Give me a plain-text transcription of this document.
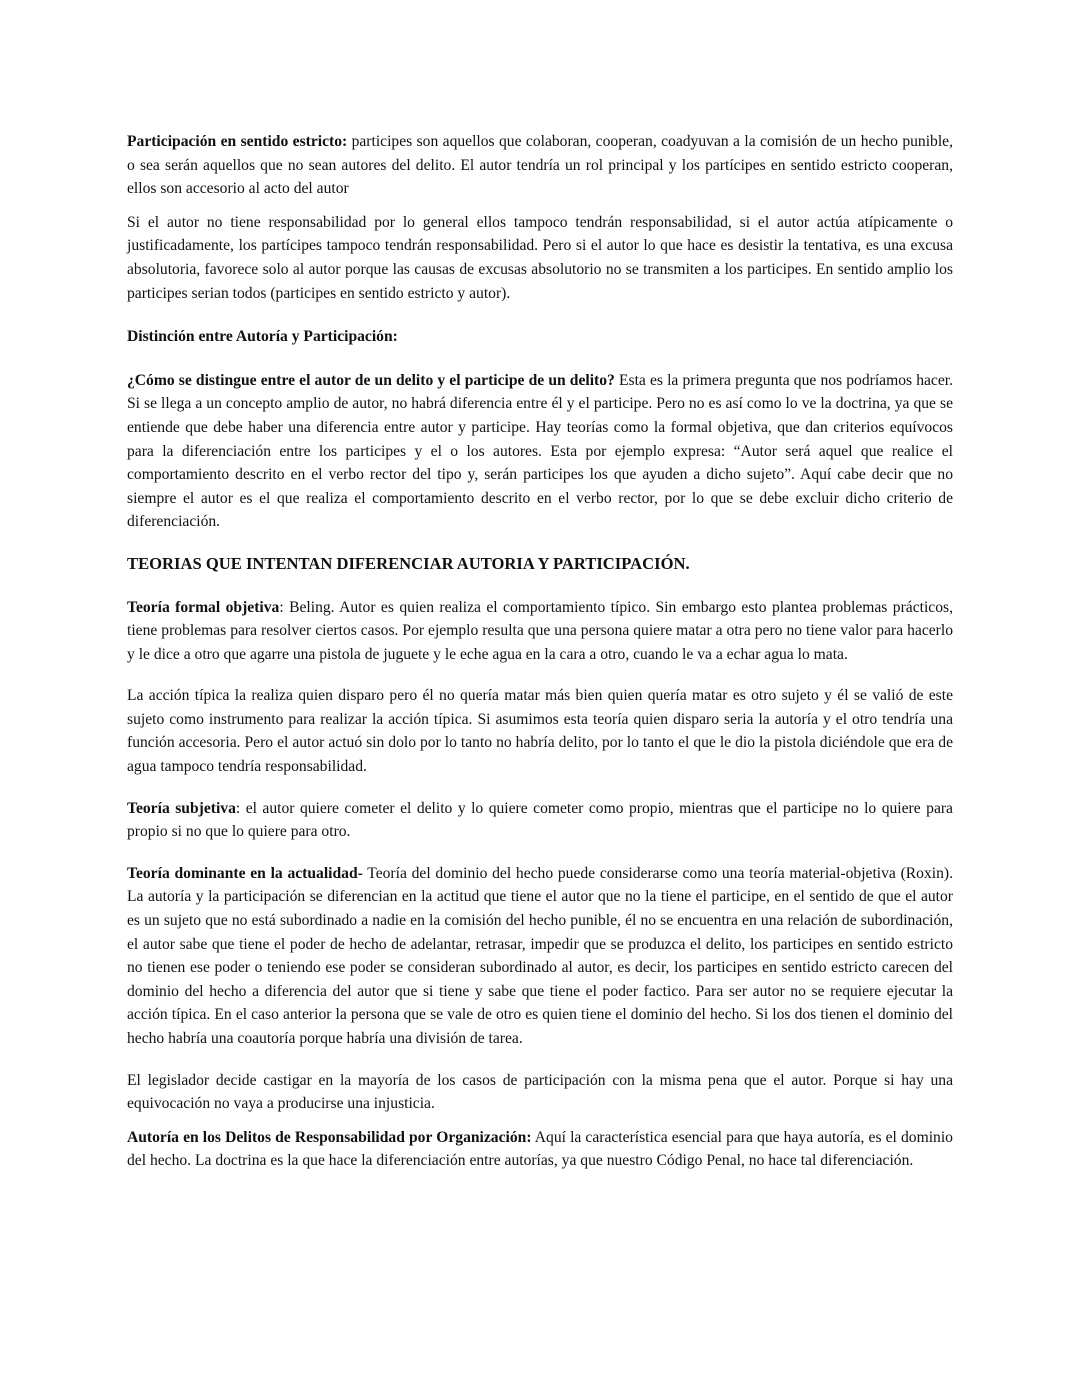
Participación en sentido estricto: participes son aquellos que colaboran, cooperan, coadyuvan a la comisión de un hecho punible, o sea serán aquellos que no sean autores del delito. El autor tendría un rol principal y los partícipes en sentido estricto cooperan, ellos son accesorio al acto del autor

Si el autor no tiene responsabilidad por lo general ellos tampoco tendrán responsabilidad, si el autor actúa atípicamente o justificadamente, los partícipes tampoco tendrán responsabilidad. Pero si el autor lo que hace es desistir la tentativa, es una excusa absolutoria, favorece solo al autor porque las causas de excusas absolutorio no se transmiten a los participes. En sentido amplio los participes serian todos (participes en sentido estricto y autor).

Distinción entre Autoría y Participación:

¿Cómo se distingue entre el autor de un delito y el participe de un delito? Esta es la primera pregunta que nos podríamos hacer. Si se llega a un concepto amplio de autor, no habrá diferencia entre él y el participe. Pero no es así como lo ve la doctrina, ya que se entiende que debe haber una diferencia entre autor y participe. Hay teorías como la formal objetiva, que dan criterios equívocos para la diferenciación entre los participes y el o los autores. Esta por ejemplo expresa: “Autor será aquel que realice el comportamiento descrito en el verbo rector del tipo y, serán participes los que ayuden a dicho sujeto”. Aquí cabe decir que no siempre el autor es el que realiza el comportamiento descrito en el verbo rector, por lo que se debe excluir dicho criterio de diferenciación.

TEORIAS QUE INTENTAN DIFERENCIAR AUTORIA Y PARTICIPACIÓN.

Teoría formal objetiva: Beling. Autor es quien realiza el comportamiento típico. Sin embargo esto plantea problemas prácticos, tiene problemas para resolver ciertos casos. Por ejemplo resulta que una persona quiere matar a otra pero no tiene valor para hacerlo y le dice a otro que agarre una pistola de juguete y le eche agua en la cara a otro, cuando le va a echar agua lo mata.

La acción típica la realiza quien disparo pero él no quería matar más bien quien quería matar es otro sujeto y él se valió de este sujeto como instrumento para realizar la acción típica. Si asumimos esta teoría quien disparo seria la autoría y el otro tendría una función accesoria. Pero el autor actuó sin dolo por lo tanto no habría delito, por lo tanto el que le dio la pistola diciéndole que era de agua tampoco tendría responsabilidad.

Teoría subjetiva: el autor quiere cometer el delito y lo quiere cometer como propio, mientras que el participe no lo quiere para propio si no que lo quiere para otro.

Teoría dominante en la actualidad- Teoría del dominio del hecho puede considerarse como una teoría material-objetiva (Roxin). La autoría y la participación se diferencian en la actitud que tiene el autor que no la tiene el participe, en el sentido de que el autor es un sujeto que no está subordinado a nadie en la comisión del hecho punible, él no se encuentra en una relación de subordinación, el autor sabe que tiene el poder de hecho de adelantar, retrasar, impedir que se produzca el delito, los participes en sentido estricto no tienen ese poder o teniendo ese poder se consideran subordinado al autor, es decir, los participes en sentido estricto carecen del dominio del hecho a diferencia del autor que si tiene y sabe que tiene el poder factico. Para ser autor no se requiere ejecutar la acción típica. En el caso anterior la persona que se vale de otro es quien tiene el dominio del hecho. Si los dos tienen el dominio del hecho habría una coautoría porque habría una división de tarea.

El legislador decide castigar en la mayoría de los casos de participación con la misma pena que el autor. Porque si hay una equivocación no vaya a producirse una injusticia.

Autoría en los Delitos de Responsabilidad por Organización: Aquí la característica esencial para que haya autoría, es el dominio del hecho. La doctrina es la que hace la diferenciación entre autorías, ya que nuestro Código Penal, no hace tal diferenciación.
